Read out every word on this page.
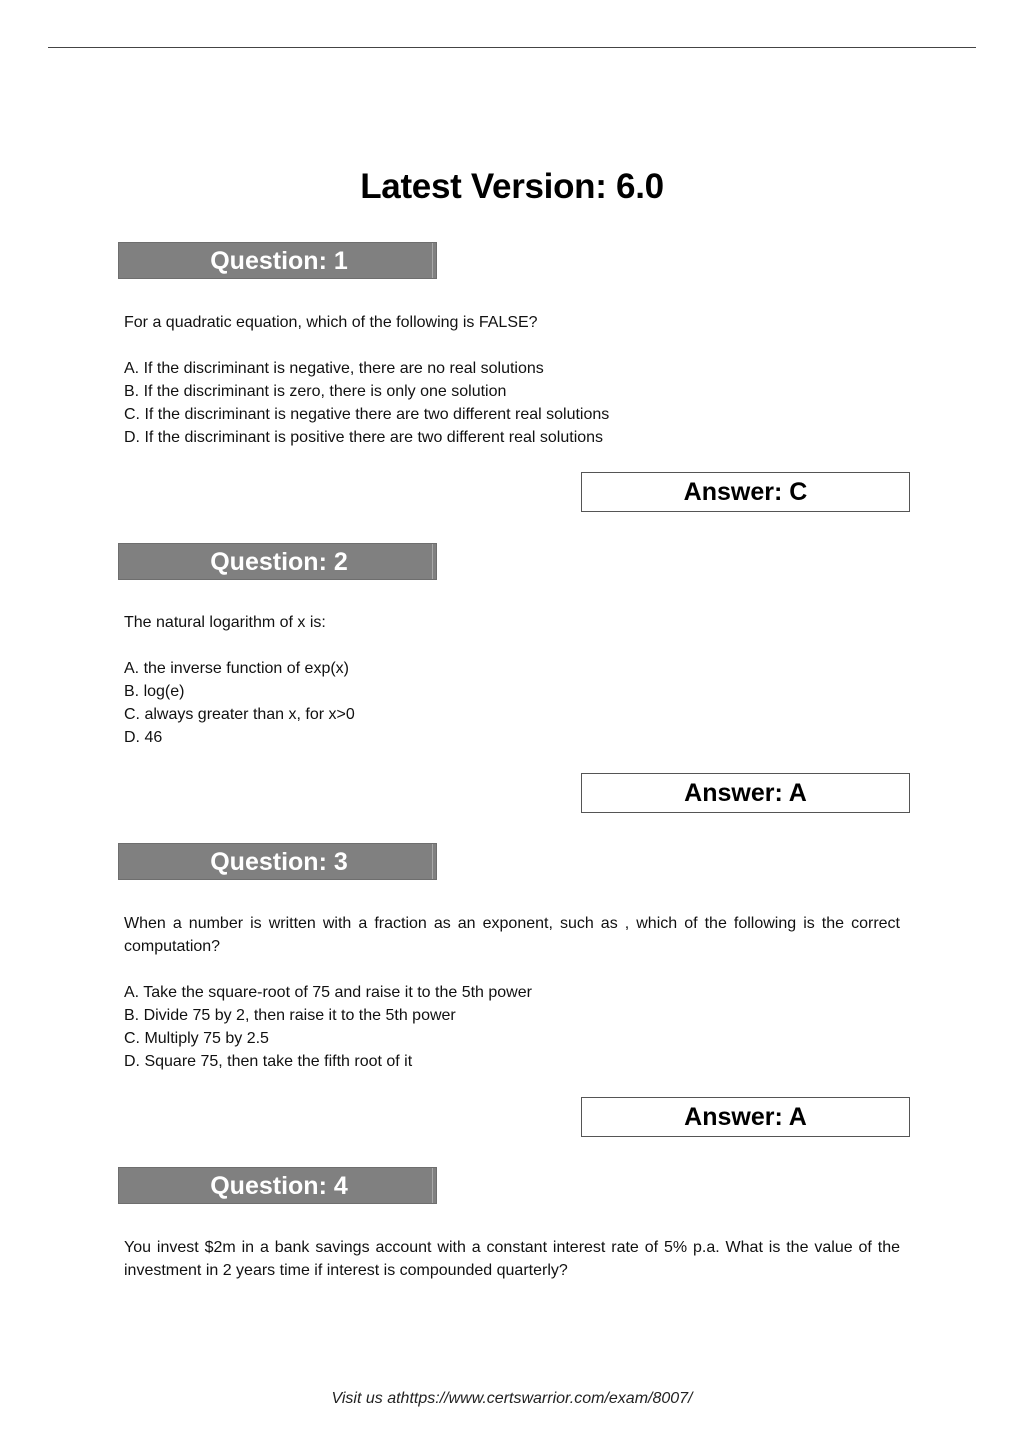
Latest Version: 6.0
Question: 1

For a quadratic equation, which of the following is FALSE?

A. If the discriminant is negative, there are no real solutions
B. If the discriminant is zero, there is only one solution
C. If the discriminant is negative there are two different real solutions
D. If the discriminant is positive there are two different real solutions

Answer: C
Question: 2

The natural logarithm of x is:

A. the inverse function of exp(x)
B. log(e)
C. always greater than x, for x>0
D. 46

Answer: A
Question: 3

When a number is written with a fraction as an exponent, such as , which of the following is the correct computation?

A. Take the square-root of 75 and raise it to the 5th power
B. Divide 75 by 2, then raise it to the 5th power
C. Multiply 75 by 2.5
D. Square 75, then take the fifth root of it

Answer: A
Question: 4

You invest $2m in a bank savings account with a constant interest rate of 5% p.a. What is the value of the investment in 2 years time if interest is compounded quarterly?

Visit us athttps://www.certswarrior.com/exam/8007/
